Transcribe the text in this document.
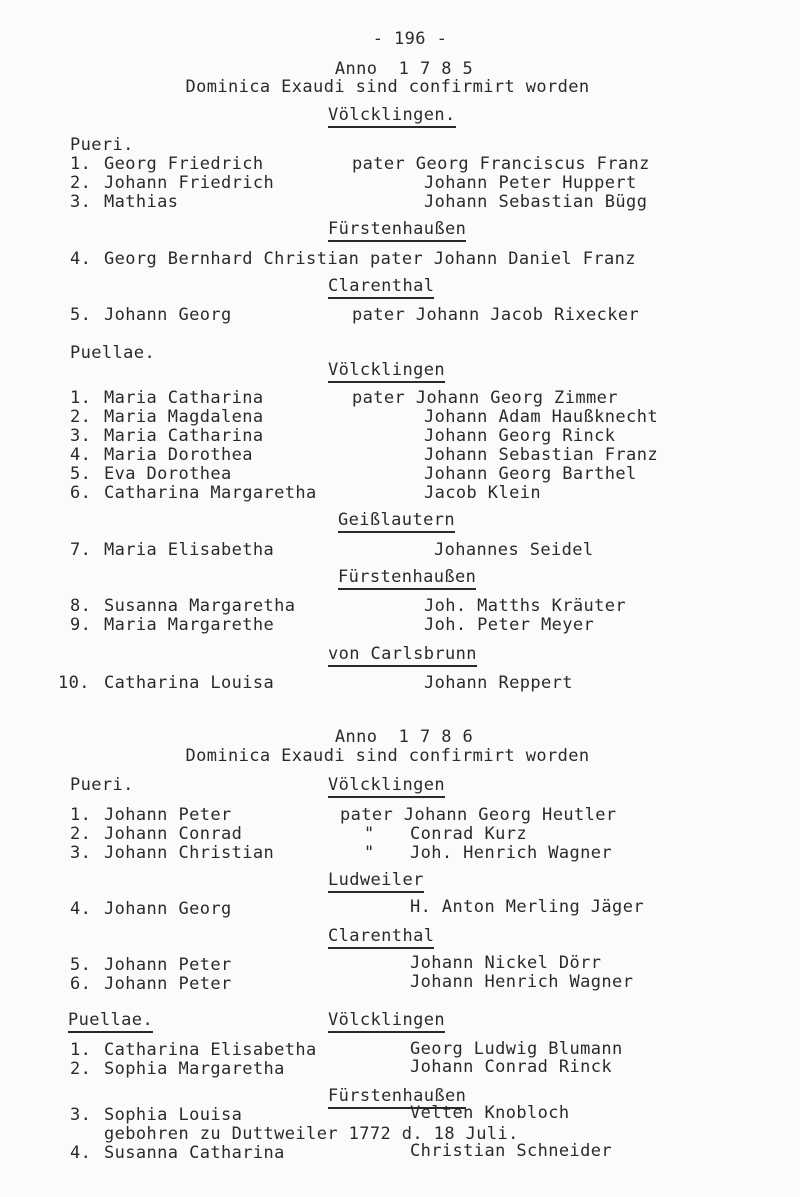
- 196 -
Anno  1 7 8 5
Dominica Exaudi sind confirmirt worden
Völcklingen.
Pueri.
1. Georg Friedrich	pater Georg Franciscus Franz
2. Johann Friedrich	Johann Peter Huppert
3. Mathias	Johann Sebastian Bügg
Fürstenhaußen
4. Georg Bernhard Christian pater Johann Daniel Franz
Clarenthal
5. Johann Georg	pater Johann Jacob Rixecker
Puellae.
Völcklingen
1. Maria Catharina	pater Johann Georg Zimmer
2. Maria Magdalena	Johann Adam Haußknecht
3. Maria Catharina	Johann Georg Rinck
4. Maria Dorothea	Johann Sebastian Franz
5. Eva Dorothea	Johann Georg Barthel
6. Catharina Margaretha	Jacob Klein
Geißlautern
7. Maria Elisabetha	Johannes Seidel
Fürstenhaußen
8. Susanna Margaretha	Joh. Matths Kräuter
9. Maria Margarethe	Joh. Peter Meyer
von Carlsbrunn
10. Catharina Louisa	Johann Reppert
Anno  1 7 8 6
Dominica Exaudi sind confirmirt worden
Pueri.	Völcklingen
1. Johann Peter	pater Johann Georg Heutler
2. Johann Conrad	" Conrad Kurz
3. Johann Christian	" Joh. Henrich Wagner
Ludweiler
4. Johann Georg	H. Anton Merling Jäger
Clarenthal
5. Johann Peter	Johann Nickel Dörr
6. Johann Peter	Johann Henrich Wagner
Puellae.	Völcklingen
1. Catharina Elisabetha	Georg Ludwig Blumann
2. Sophia Margaretha	Johann Conrad Rinck
Fürstenhaußen
3. Sophia Louisa	Velten Knobloch
gebohren zu Duttweiler 1772 d. 18 Juli.
4. Susanna Catharina	Christian Schneider
